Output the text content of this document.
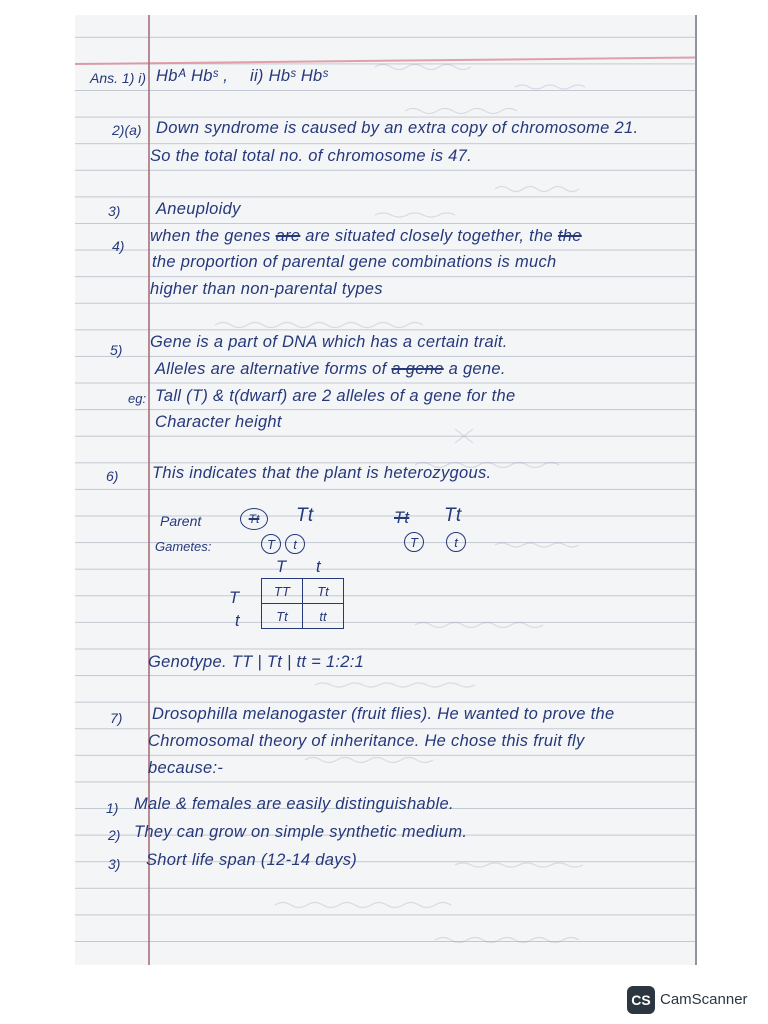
Ans. 1) i) Hbᴬ Hbˢ , ii) Hbˢ Hbˢ
2)(a) Down syndrome is caused by an extra copy of chromosome 21.
So the total total no. of chromosome is 47.
3) Aneuploidy
4)
when the genes are are situated closely together, the the
the proportion of parental gene combinations is much
higher than non-parental types
5) Gene is a part of DNA which has a certain trait.
Alleles are alternative forms of a gene a gene.
eg: Tall (T) & t(dwarf) are 2 alleles of a gene for the
Character height
6) This indicates that the plant is heterozygous.
Parent	Tt	Tt	Tt Tt
Gametes:	T	t	T	t
T t
T
t
TT	Tt
Tt	tt
Genotype. TT | Tt | tt = 1:2:1
7) Drosophilla melanogaster (fruit flies). He wanted to prove the
Chromosomal theory of inheritance. He chose this fruit fly
because:-
1) Male & females are easily distinguishable.
2) They can grow on simple synthetic medium.
3) Short life span (12-14 days)
CS CamScanner
